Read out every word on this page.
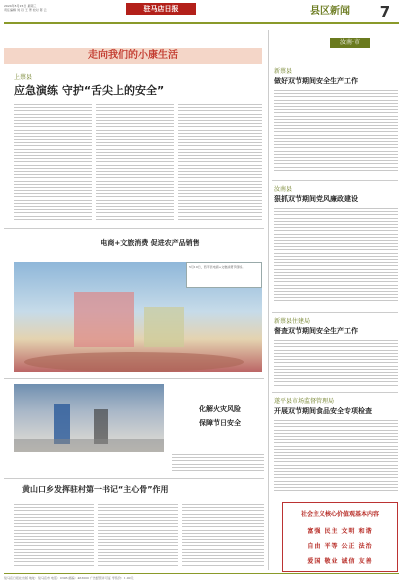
2024年5月15日 星期三
责任编辑 刘 丹 王 菁 校对 陈 云	驻马店日报	县区新闻	7
走向我们的小康生活
上蔡县
应急演练 守护“舌尖上的安全”
电商+文旅消费 促进农产品销售
5月10日，西平县电商+文旅消费节现场。
化解火灾风险
保障节日安全
黄山口乡发挥驻村第一书记“主心骨”作用
汝南·市
新蔡县
做好双节期间安全生产工作
汝南县
狠抓双节期间党风廉政建设
新蔡县住建局
督查双节期间安全生产工作
遂平县市场监督管理局
开展双节期间食品安全专项检查
社会主义核心价值观基本内容
富强 民主 文明 和谐
自由 平等 公正 法治
爱国 敬业 诚信 友善
驻马店日报社出版 地址：驻马店市 电话：0396 邮编：463000 广告经营许可证 零售价：1.00元
